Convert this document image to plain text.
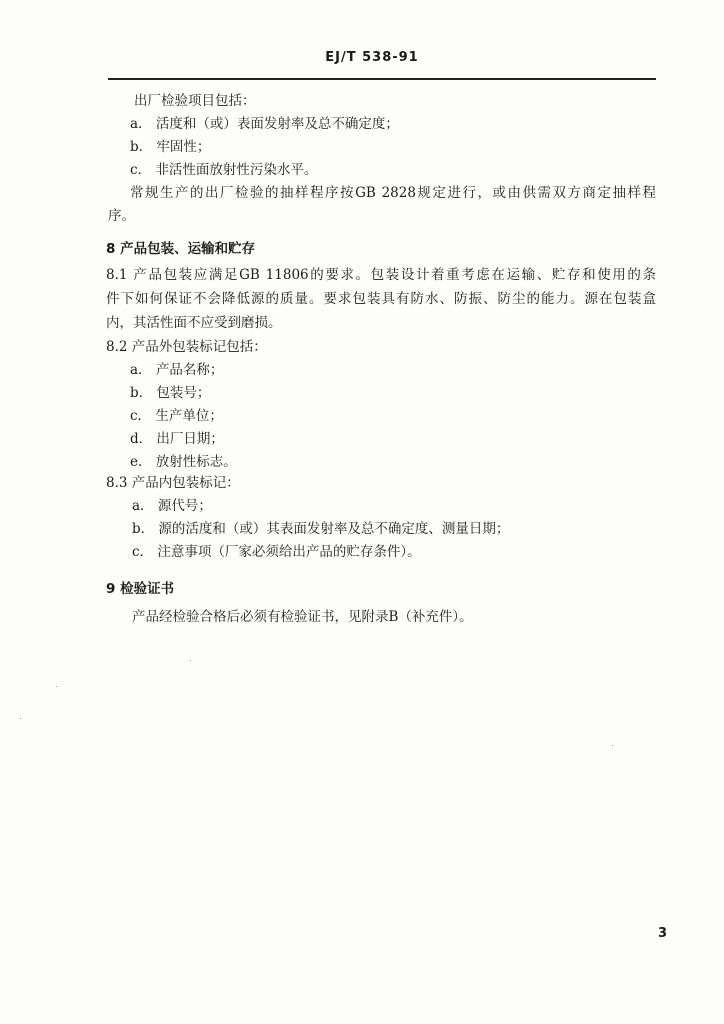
EJ/T 538-91
出厂检验项目包括：
a． 活度和（或）表面发射率及总不确定度；
b． 牢固性；
c． 非活性面放射性污染水平。
常规生产的出厂检验的抽样程序按GB 2828规定进行，或由供需双方商定抽样程
序。
8 产品包装、运输和贮存
8.1 产品包装应满足GB 11806的要求。包装设计着重考虑在运输、贮存和使用的条
件下如何保证不会降低源的质量。要求包装具有防水、防振、防尘的能力。源在包装盒
内，其活性面不应受到磨损。
8.2 产品外包装标记包括：
a． 产品名称；
b． 包装号；
c． 生产单位；
d． 出厂日期；
e． 放射性标志。
8.3 产品内包装标记：
a． 源代号；
b． 源的活度和（或）其表面发射率及总不确定度、测量日期；
c． 注意事项（厂家必须给出产品的贮存条件）。
9 检验证书
产品经检验合格后必须有检验证书，见附录B（补充件）。
3
